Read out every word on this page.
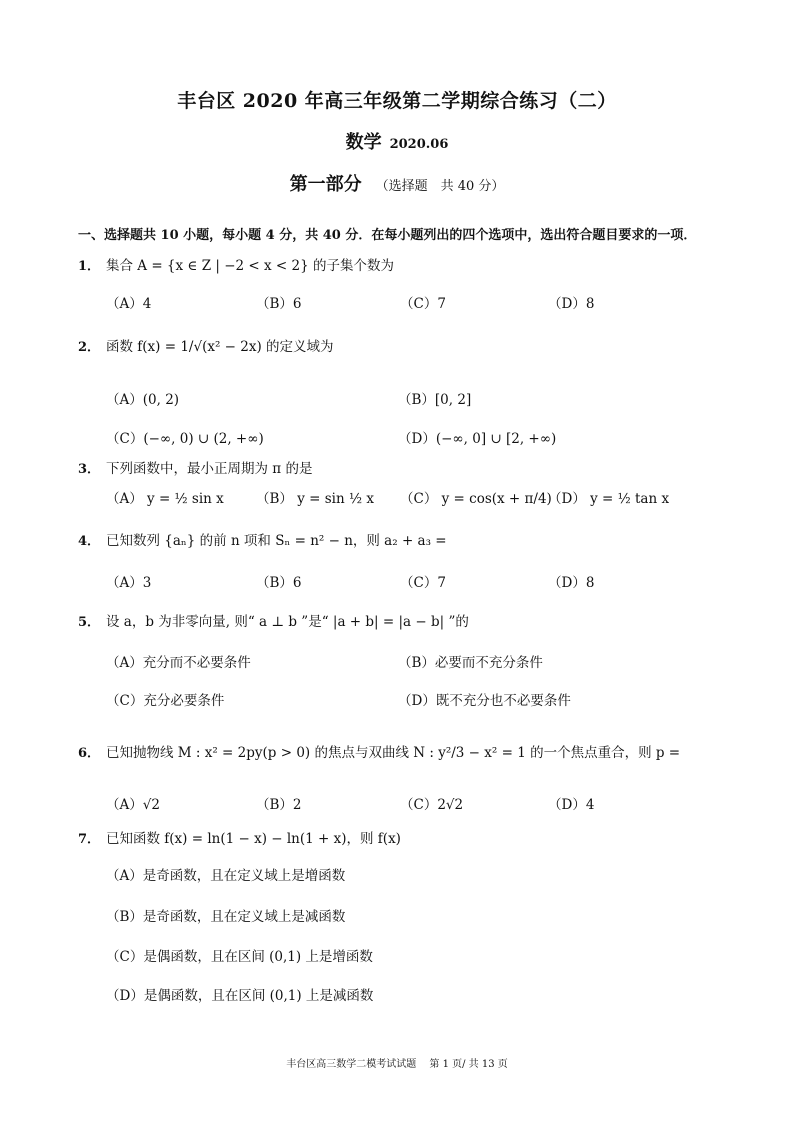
丰台区 2020 年高三年级第二学期综合练习（二）
数学 2020.06
第一部分 （选择题　共 40 分）
一、选择题共 10 小题，每小题 4 分，共 40 分．在每小题列出的四个选项中，选出符合题目要求的一项．
1． 集合 A = {x ∈ Z | −2 < x < 2} 的子集个数为
（A）4	（B）6	（C）7	（D）8
2． 函数 f(x) = 1/√(x² − 2x) 的定义域为
（A）(0, 2)	（B）[0, 2]
（C）(−∞, 0) ∪ (2, +∞)	（D）(−∞, 0] ∪ [2, +∞)
3． 下列函数中，最小正周期为 π 的是
（A） y = ½ sin x （B） y = sin ½ x （C） y = cos(x + π/4)
（D） y = ½ tan x
4． 已知数列 {aₙ} 的前 n 项和 Sₙ = n² − n，则 a₂ + a₃ =
（A）3	（B）6	（C）7	（D）8
5． 设 a，b 为非零向量, 则“ a ⊥ b ”是“ |a + b| = |a − b| ”的
（A）充分而不必要条件	（B）必要而不充分条件
（C）充分必要条件	（D）既不充分也不必要条件
6． 已知抛物线 M : x² = 2py(p > 0) 的焦点与双曲线 N : y²/3 − x² = 1 的一个焦点重合，则 p =
（A）√2	（B）2	（C）2√2	（D）4
7． 已知函数 f(x) = ln(1 − x) − ln(1 + x)，则 f(x)
（A）是奇函数，且在定义域上是增函数
（B）是奇函数，且在定义域上是减函数
（C）是偶函数，且在区间 (0,1) 上是增函数
（D）是偶函数，且在区间 (0,1) 上是减函数
丰台区高三数学二模考试试题　 第 1 页/ 共 13 页
